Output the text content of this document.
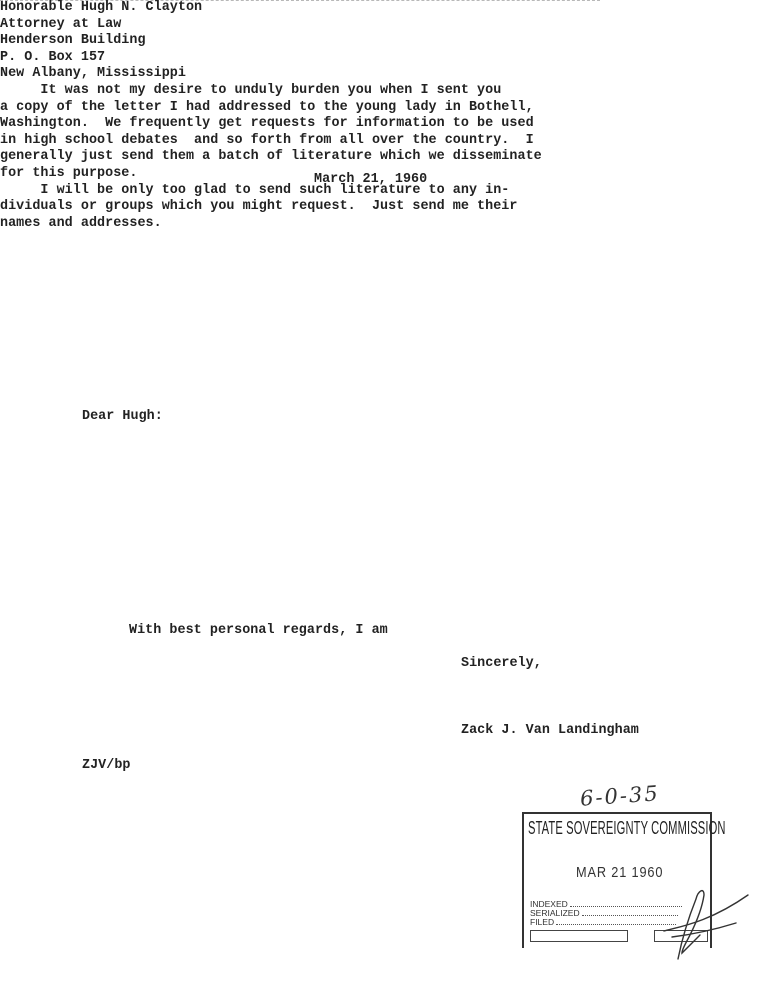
March 21, 1960
Honorable Hugh N. Clayton
Attorney at Law
Henderson Building
P. O. Box 157
New Albany, Mississippi
Dear Hugh:
It was not my desire to unduly burden you when I sent you
a copy of the letter I had addressed to the young lady in Bothell,
Washington.  We frequently get requests for information to be used
in high school debates  and so forth from all over the country.  I
generally just send them a batch of literature which we disseminate
for this purpose.
I will be only too glad to send such literature to any in-
dividuals or groups which you might request.  Just send me their
names and addresses.
With best personal regards, I am
Sincerely,
Zack J. Van Landingham
ZJV/bp
6-0-35
STATE SOVEREIGNTY COMMISSION
MAR 21 1960
INDEXED
SERIALIZED
FILED
